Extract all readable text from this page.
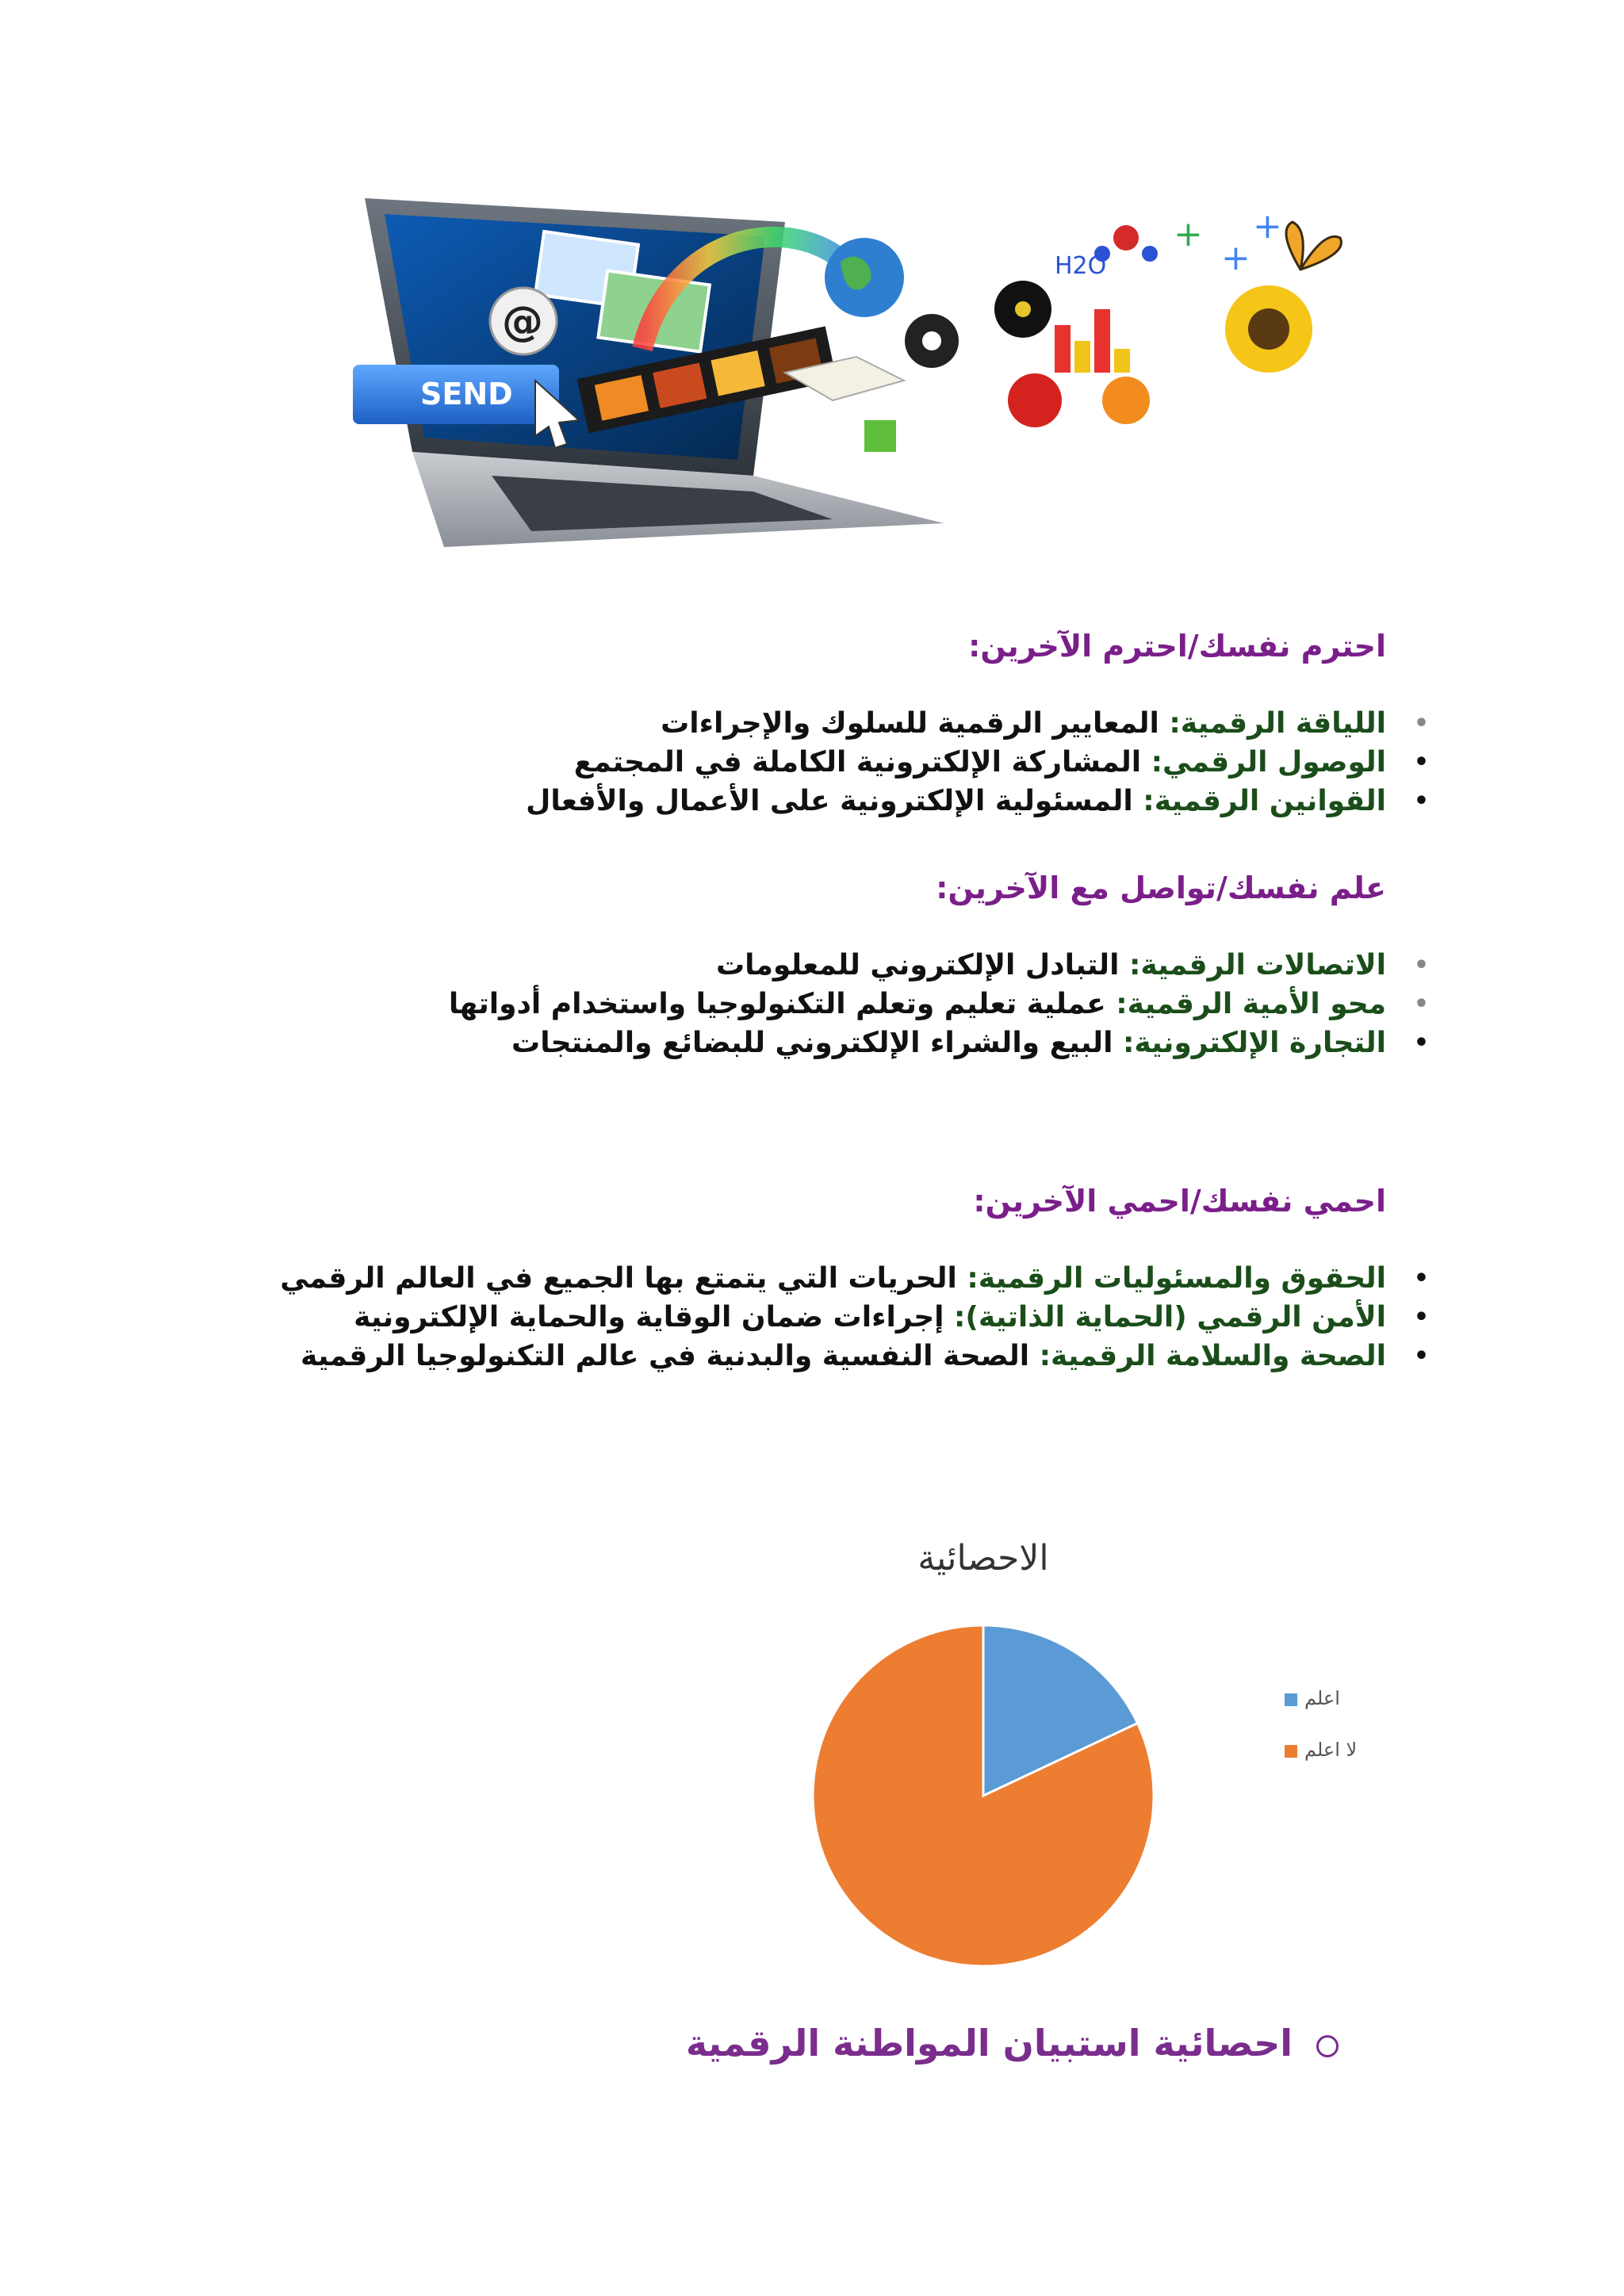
+
+
+
H2O
@
SEND

احترم نفسك/احترم الآخرين:

•
اللياقة الرقمية: المعايير الرقمية للسلوك والإجراءات
•
الوصول الرقمي: المشاركة الإلكترونية الكاملة في المجتمع
•
القوانين الرقمية: المسئولية الإلكترونية على الأعمال والأفعال

علم نفسك/تواصل مع الآخرين:

•
الاتصالات الرقمية: التبادل الإلكتروني للمعلومات
•
محو الأمية الرقمية: عملية تعليم وتعلم التكنولوجيا واستخدام أدواتها
•
التجارة الإلكترونية: البيع والشراء الإلكتروني للبضائع والمنتجات

احمي نفسك/احمي الآخرين:

•
الحقوق والمسئوليات الرقمية: الحريات التي يتمتع بها الجميع في العالم الرقمي
•
الأمن الرقمي (الحماية الذاتية): إجراءات ضمان الوقاية والحماية الإلكترونية
•
الصحة والسلامة الرقمية: الصحة النفسية والبدنية في عالم التكنولوجيا الرقمية
الاحصائية
اعلم
لا اعلم
احصائية استبيان المواطنة الرقمية
